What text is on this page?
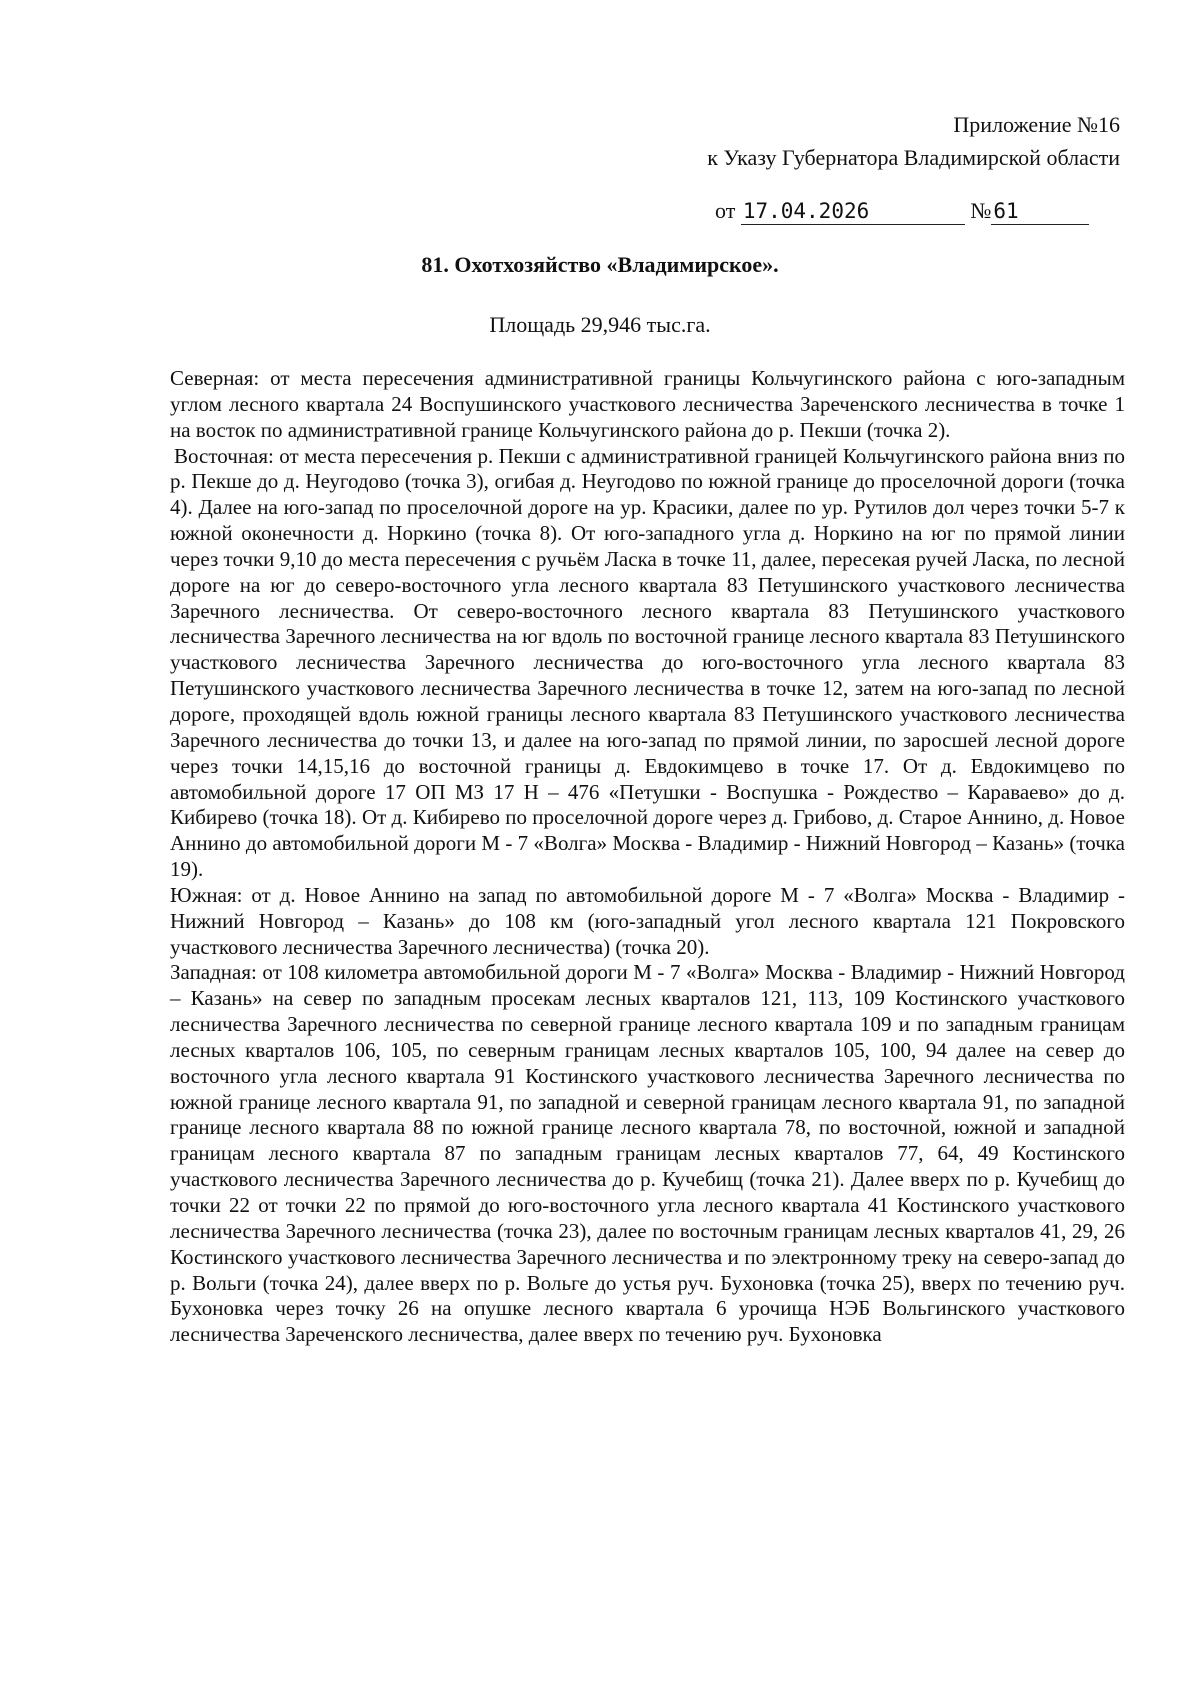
Приложение №16
к Указу Губернатора Владимирской области
от 17.04.2026	№61
81. Охотхозяйство «Владимирское».
Площадь 29,946 тыс.га.

Северная: от места пересечения административной границы Кольчугинского района с юго-западным углом лесного квартала 24 Воспушинского участкового лесничества Зареченского лесничества в точке 1 на восток по административной границе Кольчугинского района до р. Пекши (точка 2).

Восточная: от места пересечения р. Пекши с административной границей Кольчугинского района вниз по р. Пекше до д. Неугодово (точка 3), огибая д. Неугодово по южной границе до проселочной дороги (точка 4). Далее на юго-запад по проселочной дороге на ур. Красики, далее по ур. Рутилов дол через точки 5-7 к южной оконечности д. Норкино (точка 8). От юго-западного угла д. Норкино на юг по прямой линии через точки 9,10 до места пересечения с ручьём Ласка в точке 11, далее, пересекая ручей Ласка, по лесной дороге на юг до северо-восточного угла лесного квартала 83 Петушинского участкового лесничества Заречного лесничества. От северо-восточного лесного квартала 83 Петушинского участкового лесничества Заречного лесничества на юг вдоль по восточной границе лесного квартала 83 Петушинского участкового лесничества Заречного лесничества до юго-восточного угла лесного квартала 83 Петушинского участкового лесничества Заречного лесничества в точке 12, затем на юго-запад по лесной дороге, проходящей вдоль южной границы лесного квартала 83 Петушинского участкового лесничества Заречного лесничества до точки 13, и далее на юго-запад по прямой линии, по заросшей лесной дороге через точки 14,15,16 до восточной границы д. Евдокимцево в точке 17. От д. Евдокимцево по автомобильной дороге 17 ОП МЗ 17 Н – 476 «Петушки - Воспушка - Рождество – Караваево» до д. Кибирево (точка 18). От д. Кибирево по проселочной дороге через д. Грибово, д. Старое Аннино, д. Новое Аннино до автомобильной дороги М - 7 «Волга» Москва - Владимир - Нижний Новгород – Казань» (точка 19).

Южная: от д. Новое Аннино на запад по автомобильной дороге М - 7 «Волга» Москва - Владимир - Нижний Новгород – Казань» до 108 км (юго-западный угол лесного квартала 121 Покровского участкового лесничества Заречного лесничества) (точка 20).

Западная: от 108 километра автомобильной дороги М - 7 «Волга» Москва - Владимир - Нижний Новгород – Казань» на север по западным просекам лесных кварталов 121, 113, 109 Костинского участкового лесничества Заречного лесничества по северной границе лесного квартала 109 и по западным границам лесных кварталов 106, 105, по северным границам лесных кварталов 105, 100, 94 далее на север до восточного угла лесного квартала 91 Костинского участкового лесничества Заречного лесничества по южной границе лесного квартала 91, по западной и северной границам лесного квартала 91, по западной границе лесного квартала 88 по южной границе лесного квартала 78, по восточной, южной и западной границам лесного квартала 87 по западным границам лесных кварталов 77, 64, 49 Костинского участкового лесничества Заречного лесничества до р. Кучебищ (точка 21). Далее вверх по р. Кучебищ до точки 22 от точки 22 по прямой до юго-восточного угла лесного квартала 41 Костинского участкового лесничества Заречного лесничества (точка 23), далее по восточным границам лесных кварталов 41, 29, 26 Костинского участкового лесничества Заречного лесничества и по электронному треку на северо-запад до р. Вольги (точка 24), далее вверх по р. Вольге до устья руч. Бухоновка (точка 25), вверх по течению руч. Бухоновка через точку 26 на опушке лесного квартала 6 урочища НЭБ Вольгинского участкового лесничества Зареченского лесничества, далее вверх по течению руч. Бухоновка
